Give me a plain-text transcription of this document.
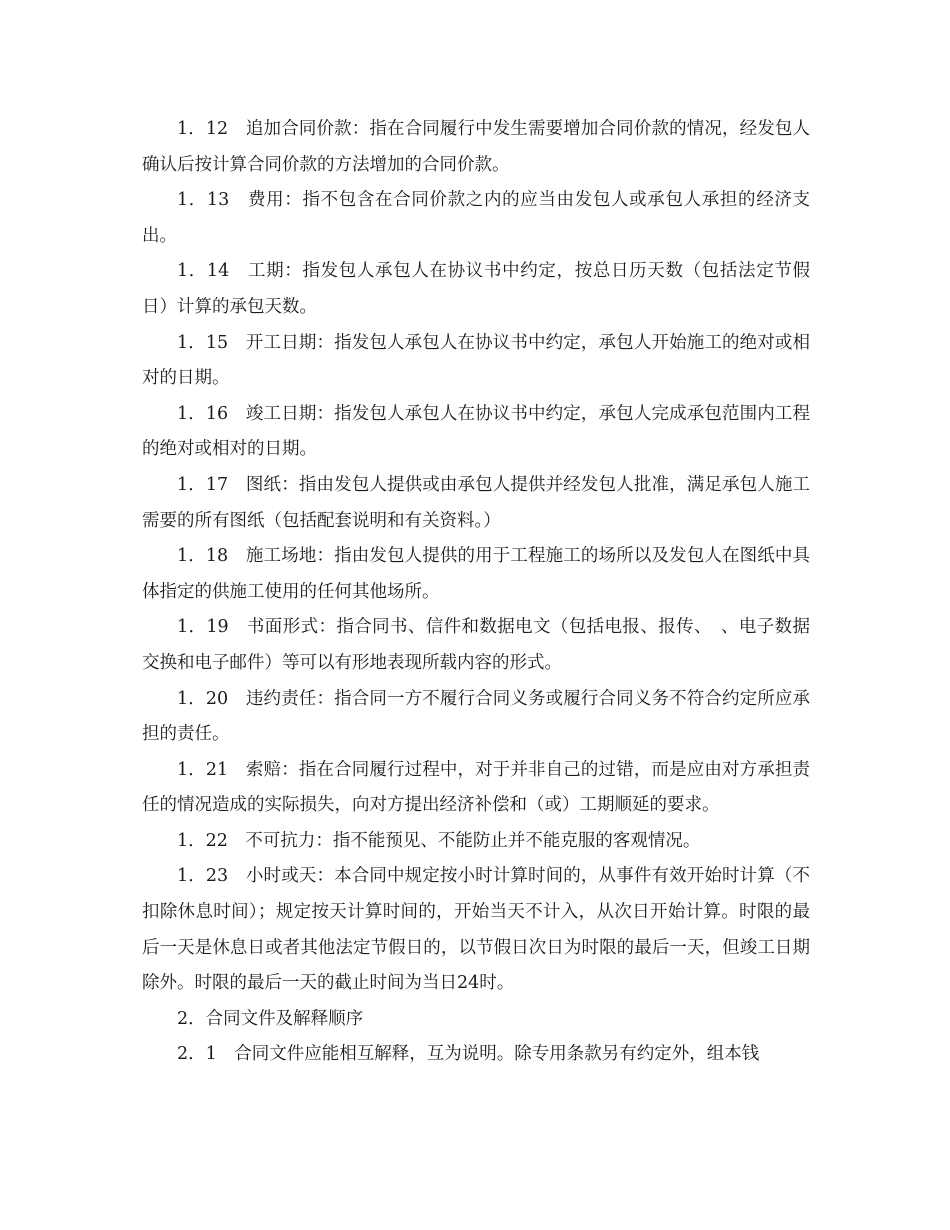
1．12　追加合同价款：指在合同履行中发生需要增加合同价款的情况，经发包人确认后按计算合同价款的方法增加的合同价款。

1．13　费用：指不包含在合同价款之内的应当由发包人或承包人承担的经济支出。

1．14　工期：指发包人承包人在协议书中约定，按总日历天数（包括法定节假日）计算的承包天数。

1．15　开工日期：指发包人承包人在协议书中约定，承包人开始施工的绝对或相对的日期。

1．16　竣工日期：指发包人承包人在协议书中约定，承包人完成承包范围内工程的绝对或相对的日期。

1．17　图纸：指由发包人提供或由承包人提供并经发包人批准，满足承包人施工需要的所有图纸（包括配套说明和有关资料。）

1．18　施工场地：指由发包人提供的用于工程施工的场所以及发包人在图纸中具体指定的供施工使用的任何其他场所。

1．19　书面形式：指合同书、信件和数据电文（包括电报、报传、　、电子数据交换和电子邮件）等可以有形地表现所载内容的形式。

1．20　违约责任：指合同一方不履行合同义务或履行合同义务不符合约定所应承担的责任。

1．21　索赔：指在合同履行过程中，对于并非自己的过错，而是应由对方承担责任的情况造成的实际损失，向对方提出经济补偿和（或）工期顺延的要求。

1．22　不可抗力：指不能预见、不能防止并不能克服的客观情况。

1．23　小时或天：本合同中规定按小时计算时间的，从事件有效开始时计算（不扣除休息时间）；规定按天计算时间的，开始当天不计入，从次日开始计算。时限的最后一天是休息日或者其他法定节假日的，以节假日次日为时限的最后一天，但竣工日期除外。时限的最后一天的截止时间为当日24时。

2．合同文件及解释顺序

2．1　合同文件应能相互解释，互为说明。除专用条款另有约定外，组本钱
